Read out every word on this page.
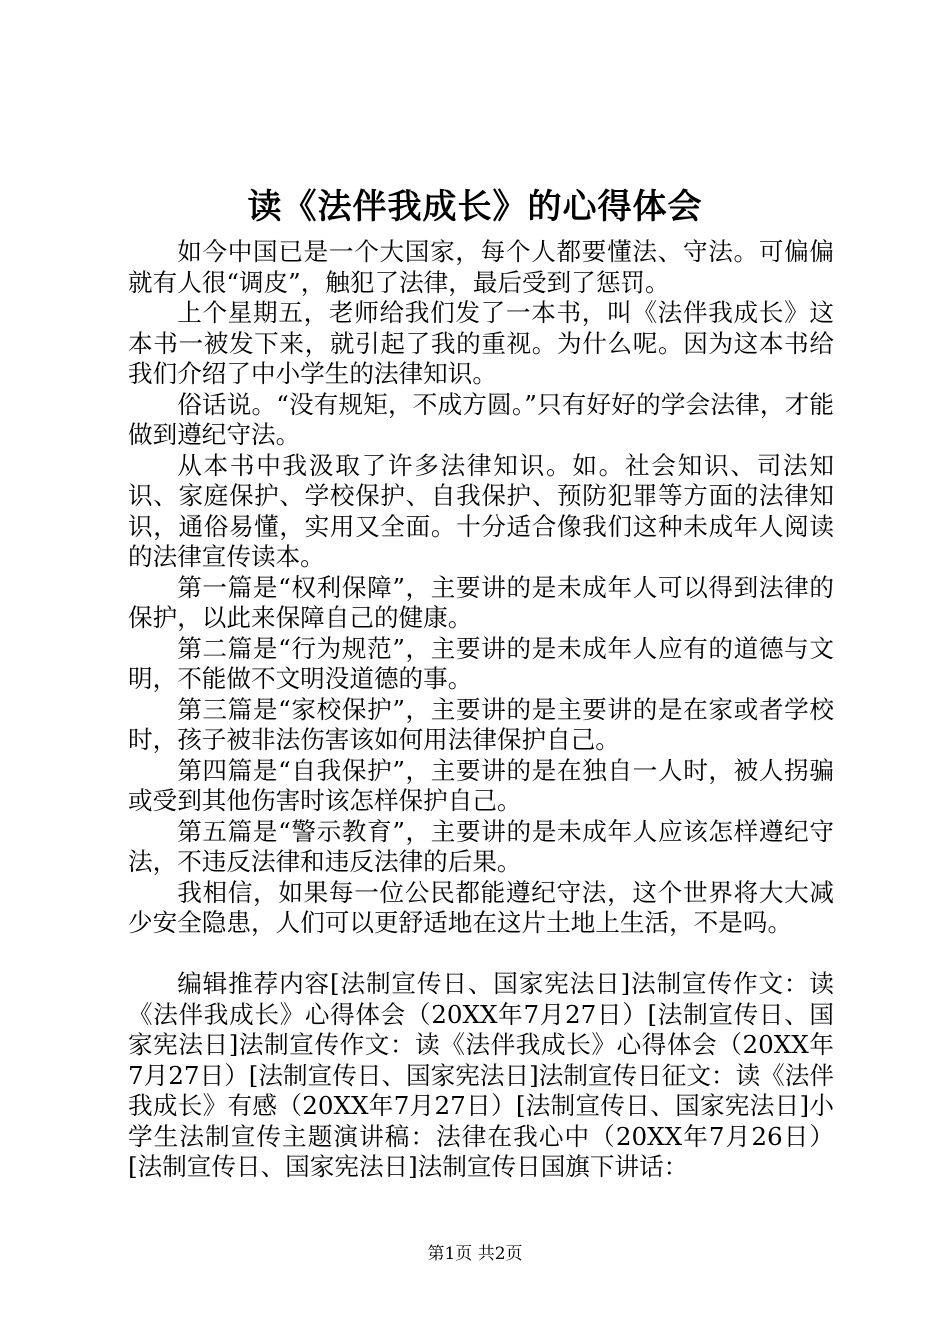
读《法伴我成长》的心得体会

如今中国已是一个大国家，每个人都要懂法、守法。可偏偏就有人很“调皮”，触犯了法律，最后受到了惩罚。

上个星期五，老师给我们发了一本书，叫《法伴我成长》这本书一被发下来，就引起了我的重视。为什么呢。因为这本书给我们介绍了中小学生的法律知识。

俗话说。“没有规矩，不成方圆。”只有好好的学会法律，才能做到遵纪守法。

从本书中我汲取了许多法律知识。如。社会知识、司法知识、家庭保护、学校保护、自我保护、预防犯罪等方面的法律知识，通俗易懂，实用又全面。十分适合像我们这种未成年人阅读的法律宣传读本。

第一篇是“权利保障”，主要讲的是未成年人可以得到法律的保护，以此来保障自己的健康。

第二篇是“行为规范”，主要讲的是未成年人应有的道德与文明，不能做不文明没道德的事。

第三篇是“家校保护”，主要讲的是主要讲的是在家或者学校时，孩子被非法伤害该如何用法律保护自己。

第四篇是“自我保护”，主要讲的是在独自一人时，被人拐骗或受到其他伤害时该怎样保护自己。

第五篇是“警示教育”，主要讲的是未成年人应该怎样遵纪守法，不违反法律和违反法律的后果。

我相信，如果每一位公民都能遵纪守法，这个世界将大大减少安全隐患，人们可以更舒适地在这片土地上生活，不是吗。

编辑推荐内容[法制宣传日、国家宪法日]法制宣传作文：读《法伴我成长》心得体会（20XX年7月27日）[法制宣传日、国家宪法日]法制宣传作文：读《法伴我成长》心得体会（20XX年7月27日）[法制宣传日、国家宪法日]法制宣传日征文：读《法伴我成长》有感（20XX年7月27日）[法制宣传日、国家宪法日]小学生法制宣传主题演讲稿：法律在我心中（20XX年7月26日）[法制宣传日、国家宪法日]法制宣传日国旗下讲话：

第1页 共2页
